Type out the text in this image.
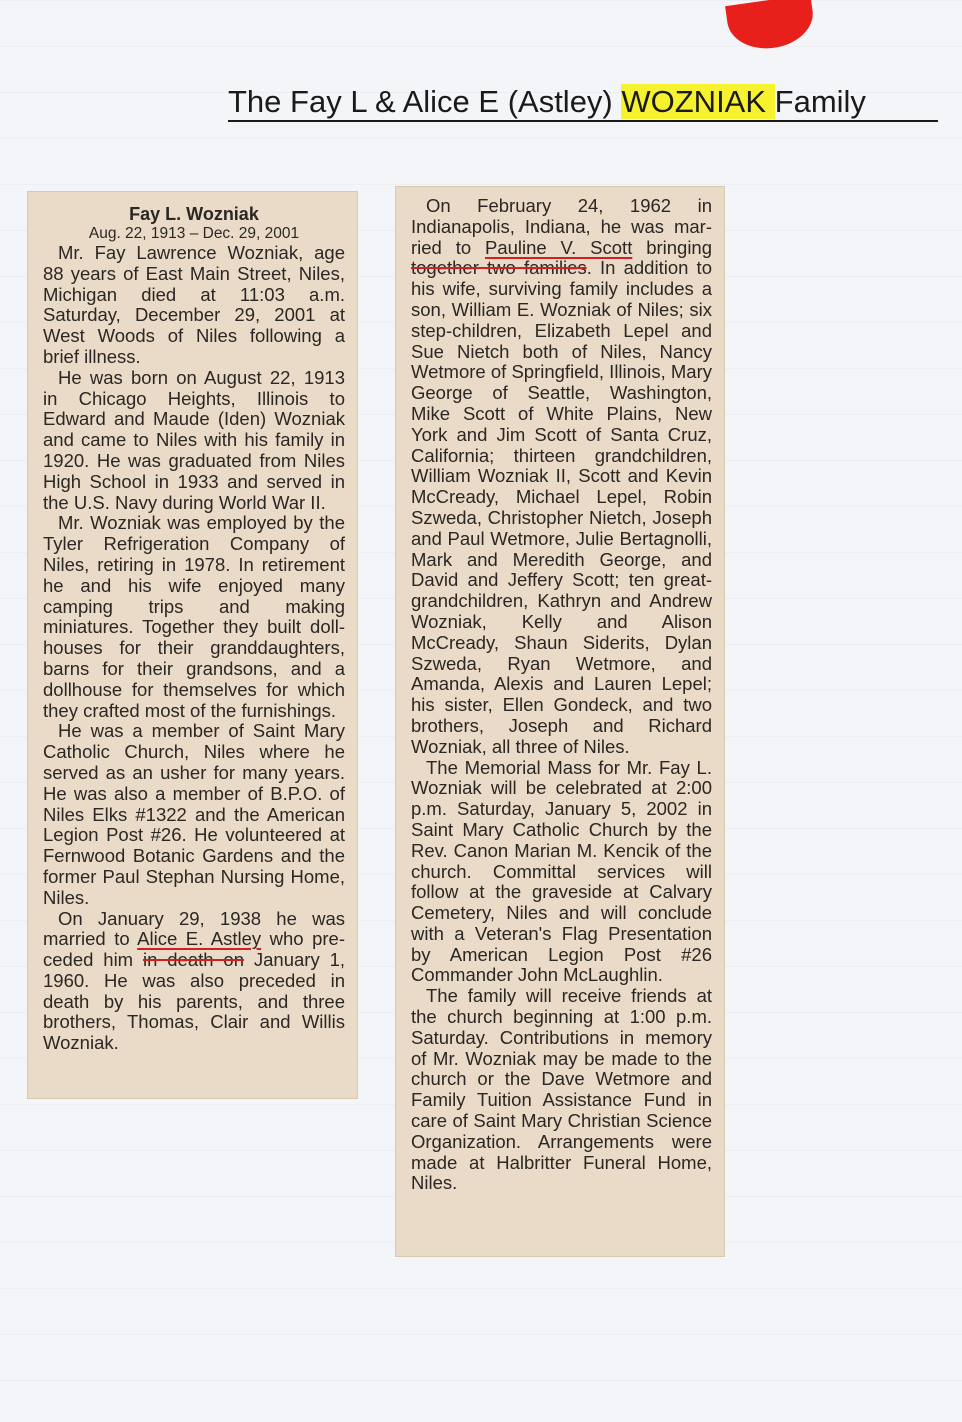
The Fay L & Alice E (Astley) WOZNIAK Family
Fay L. Wozniak
Aug. 22, 1913 – Dec. 29, 2001

Mr. Fay Lawrence Wozniak, age 88 years of East Main Street, Niles, Michigan died at 11:03 a.m. Saturday, December 29, 2001 at West Woods of Niles following a brief illness.

He was born on August 22, 1913 in Chicago Heights, Illinois to Edward and Maude (Iden) Wozniak and came to Niles with his family in 1920. He was graduated from Niles High School in 1933 and served in the U.S. Navy during World War II.

Mr. Wozniak was employed by the Tyler Refrigeration Company of Niles, retiring in 1978. In retirement he and his wife enjoyed many camping trips and making miniatures. Together they built dollhouses for their granddaughters, barns for their grandsons, and a dollhouse for themselves for which they crafted most of the furnishings.

He was a member of Saint Mary Catholic Church, Niles where he served as an usher for many years. He was also a member of B.P.O. of Niles Elks #1322 and the American Legion Post #26. He volunteered at Fernwood Botanic Gardens and the former Paul Stephan Nursing Home, Niles.

On January 29, 1938 he was married to Alice E. Astley who preceded him in death on January 1, 1960. He was also preceded in death by his parents, and three brothers, Thomas, Clair and Willis Wozniak.

On February 24, 1962 in Indianapolis, Indiana, he was married to Pauline V. Scott bringing together two families. In addition to his wife, surviving family includes a son, William E. Wozniak of Niles; six step-children, Elizabeth Lepel and Sue Nietch both of Niles, Nancy Wetmore of Springfield, Illinois, Mary George of Seattle, Washington, Mike Scott of White Plains, New York and Jim Scott of Santa Cruz, California; thirteen grandchildren, William Wozniak II, Scott and Kevin McCready, Michael Lepel, Robin Szweda, Christopher Nietch, Joseph and Paul Wetmore, Julie Bertagnolli, Mark and Meredith George, and David and Jeffery Scott; ten great-grandchildren, Kathryn and Andrew Wozniak, Kelly and Alison McCready, Shaun Siderits, Dylan Szweda, Ryan Wetmore, and Amanda, Alexis and Lauren Lepel; his sister, Ellen Gondeck, and two brothers, Joseph and Richard Wozniak, all three of Niles.

The Memorial Mass for Mr. Fay L. Wozniak will be celebrated at 2:00 p.m. Saturday, January 5, 2002 in Saint Mary Catholic Church by the Rev. Canon Marian M. Kencik of the church. Committal services will follow at the graveside at Calvary Cemetery, Niles and will conclude with a Veteran's Flag Presentation by American Legion Post #26 Commander John McLaughlin.

The family will receive friends at the church beginning at 1:00 p.m. Saturday. Contributions in memory of Mr. Wozniak may be made to the church or the Dave Wetmore and Family Tuition Assistance Fund in care of Saint Mary Christian Science Organization. Arrangements were made at Halbritter Funeral Home, Niles.
